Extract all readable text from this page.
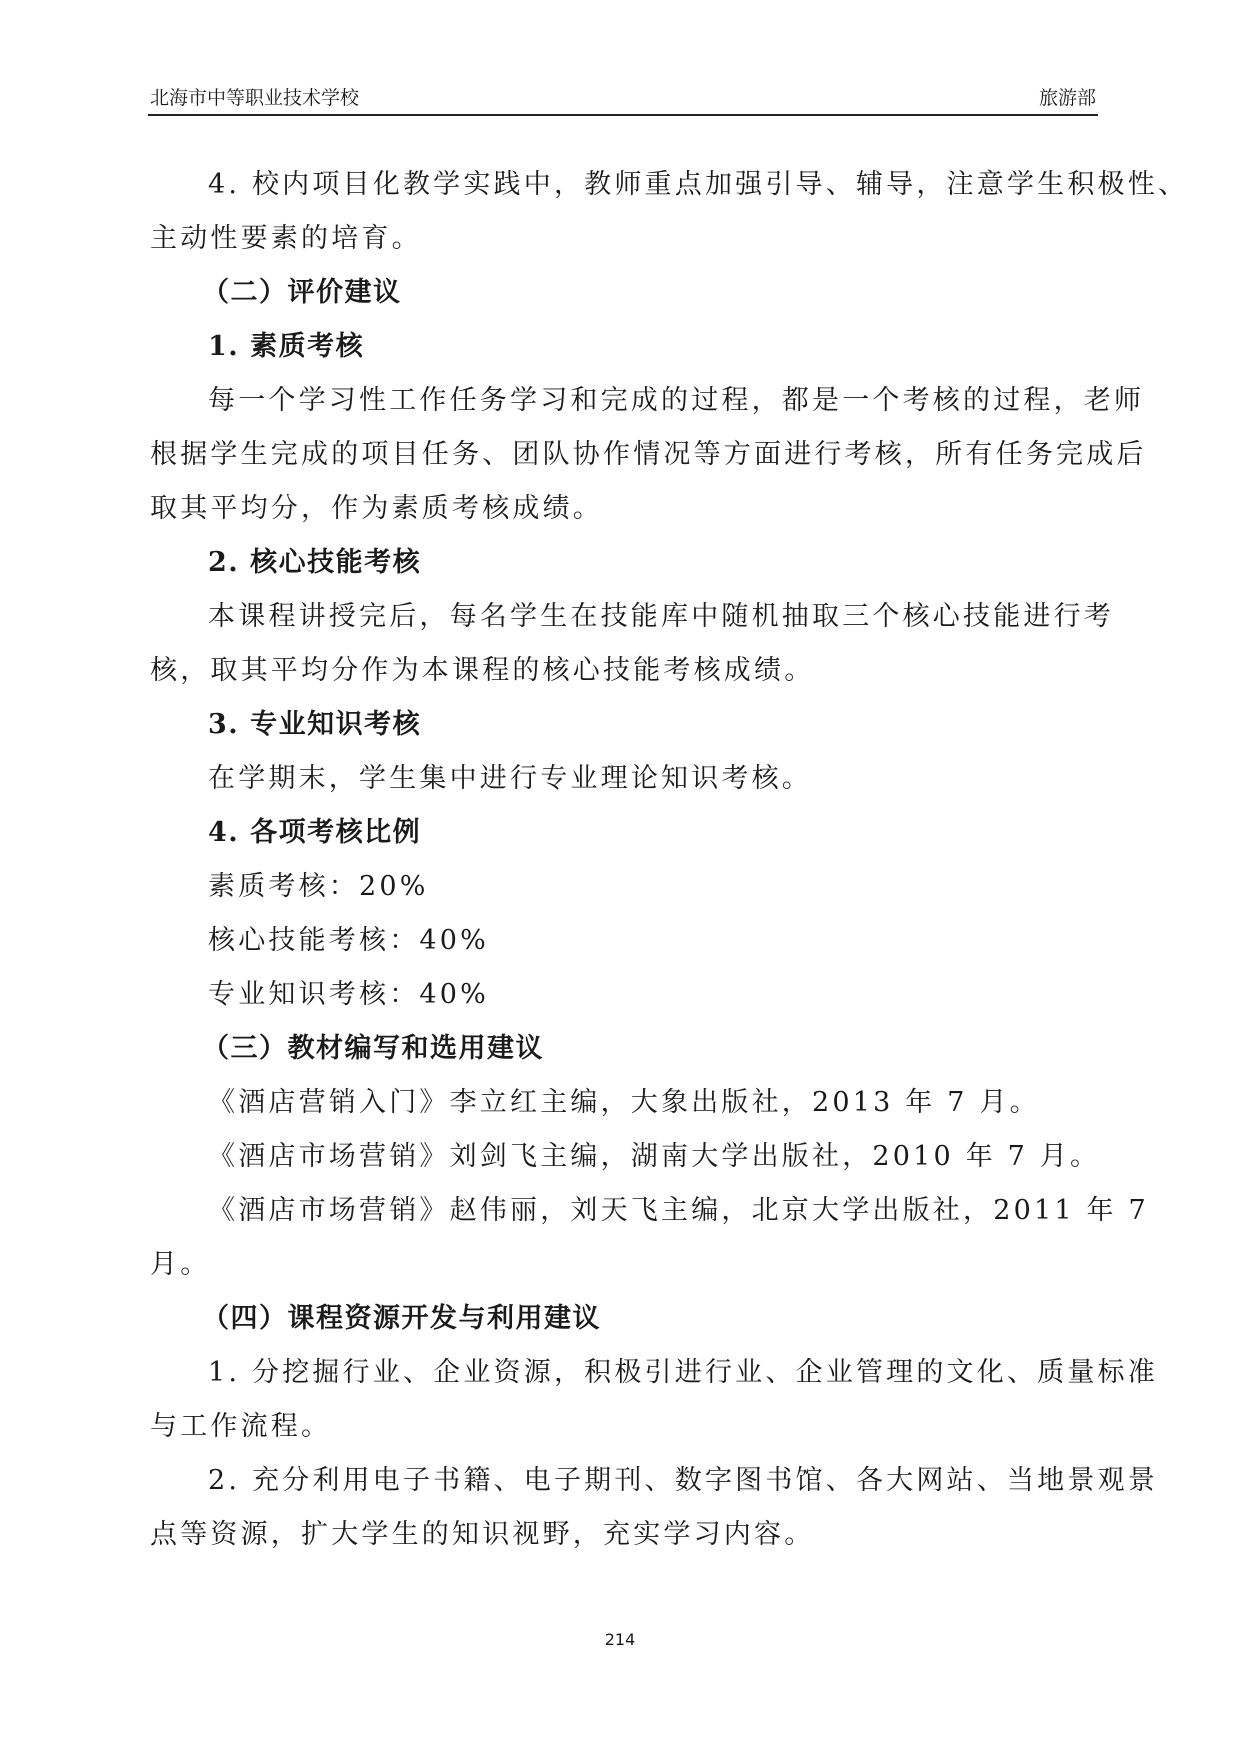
北海市中等职业技术学校	旅游部
4. 校内项目化教学实践中，教师重点加强引导、辅导，注意学生积极性、
主动性要素的培育。
（二）评价建议
1. 素质考核
每一个学习性工作任务学习和完成的过程，都是一个考核的过程，老师
根据学生完成的项目任务、团队协作情况等方面进行考核，所有任务完成后
取其平均分，作为素质考核成绩。
2. 核心技能考核
本课程讲授完后，每名学生在技能库中随机抽取三个核心技能进行考
核，取其平均分作为本课程的核心技能考核成绩。
3. 专业知识考核
在学期末，学生集中进行专业理论知识考核。
4. 各项考核比例
素质考核：20%
核心技能考核：40%
专业知识考核：40%
（三）教材编写和选用建议
《酒店营销入门》李立红主编，大象出版社，2013 年 7 月。
《酒店市场营销》刘剑飞主编，湖南大学出版社，2010 年 7 月。
《酒店市场营销》赵伟丽，刘天飞主编，北京大学出版社，2011 年 7
月。
（四）课程资源开发与利用建议
1. 分挖掘行业、企业资源，积极引进行业、企业管理的文化、质量标准
与工作流程。
2. 充分利用电子书籍、电子期刊、数字图书馆、各大网站、当地景观景
点等资源，扩大学生的知识视野，充实学习内容。
214
